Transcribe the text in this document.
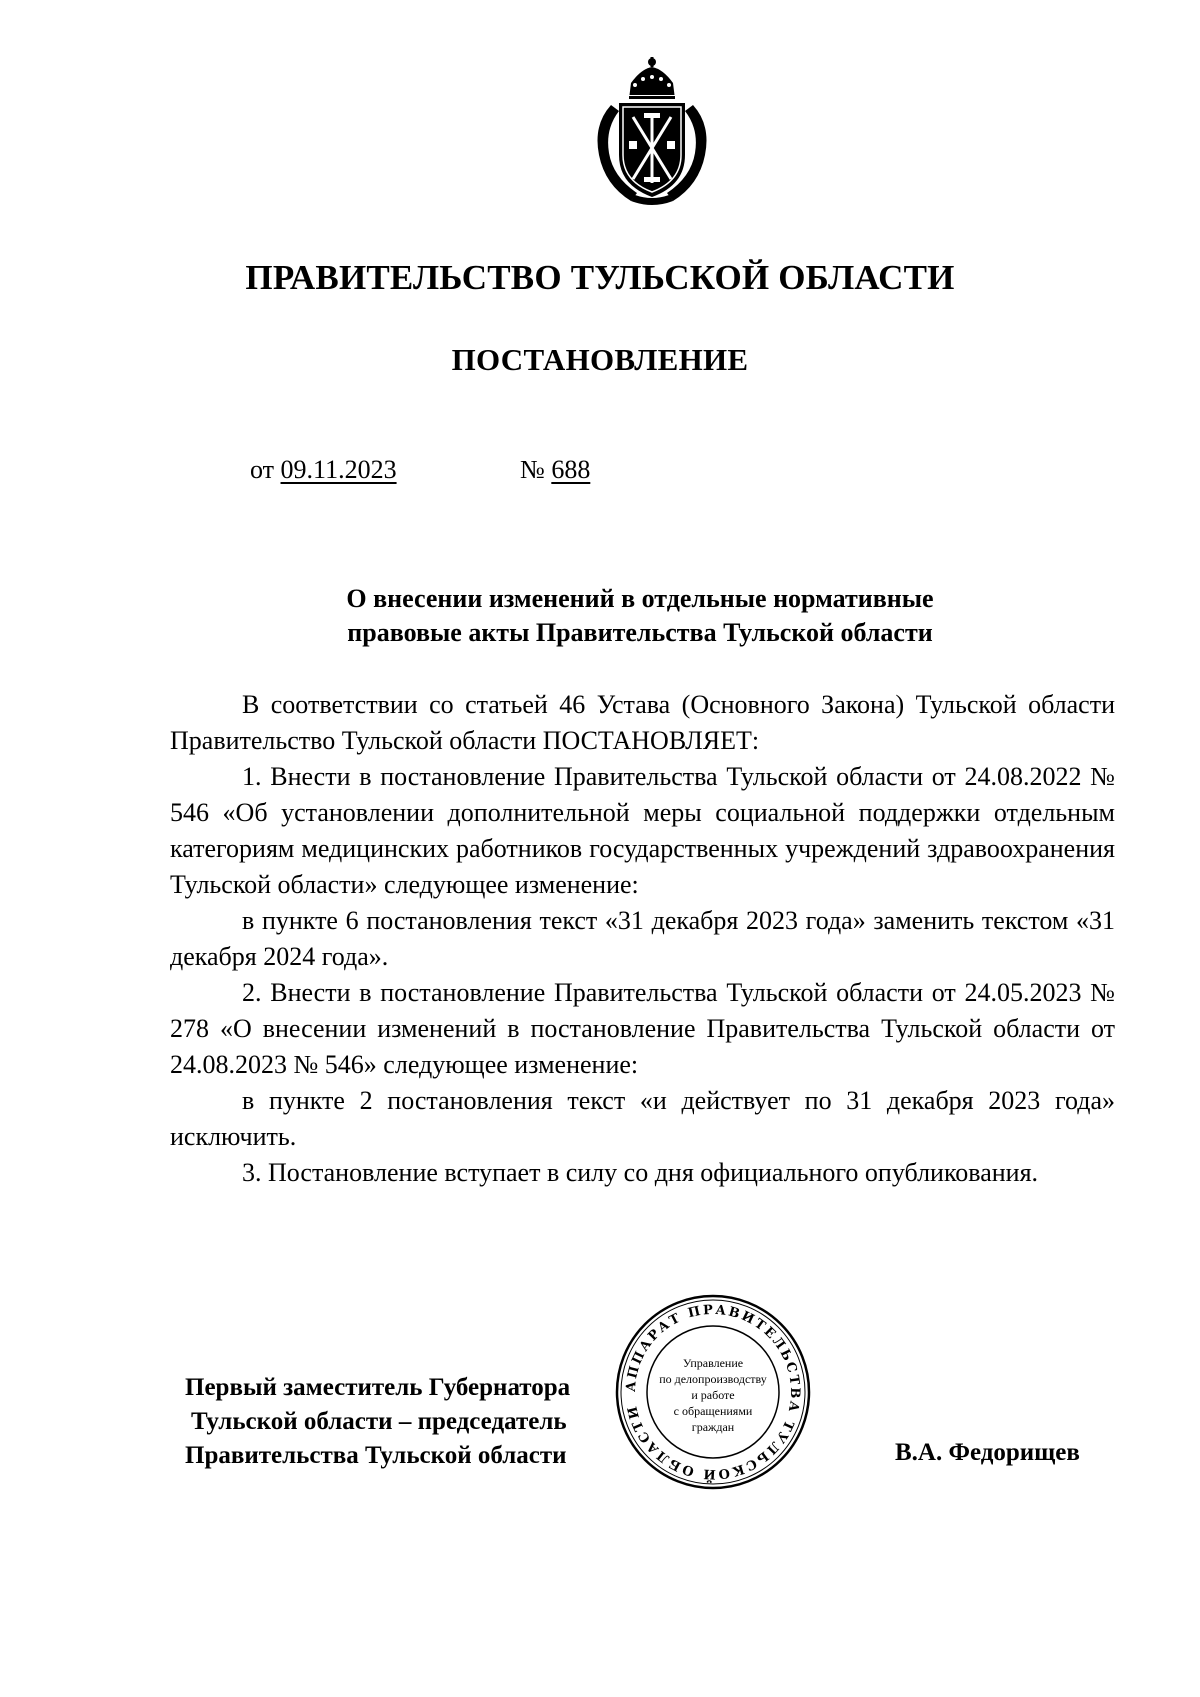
ПРАВИТЕЛЬСТВО ТУЛЬСКОЙ ОБЛАСТИ
ПОСТАНОВЛЕНИЕ
от 09.11.2023	№ 688
О внесении изменений в отдельные нормативные
правовые акты Правительства Тульской области

В соответствии со статьей 46 Устава (Основного Закона) Тульской области Правительство Тульской области ПОСТАНОВЛЯЕТ:

1. Внести в постановление Правительства Тульской области от 24.08.2022 № 546 «Об установлении дополнительной меры социальной поддержки отдельным категориям медицинских работников государственных учреждений здравоохранения Тульской области» следующее изменение:

в пункте 6 постановления текст «31 декабря 2023 года» заменить текстом «31 декабря 2024 года».

2. Внести в постановление Правительства Тульской области от 24.05.2023 № 278 «О внесении изменений в постановление Правительства Тульской области от 24.08.2023 № 546» следующее изменение:

в пункте 2 постановления текст «и действует по 31 декабря 2023 года» исключить.

3. Постановление вступает в силу со дня официального опубликования.

Первый заместитель Губернатора
Тульской области – председатель
Правительства Тульской области
АППАРАТ ПРАВИТЕЛЬСТВА ТУЛЬСКОЙ ОБЛАСТИ
Управление
по делопроизводству
и работе
с обращениями
граждан
В.А. Федорищев
